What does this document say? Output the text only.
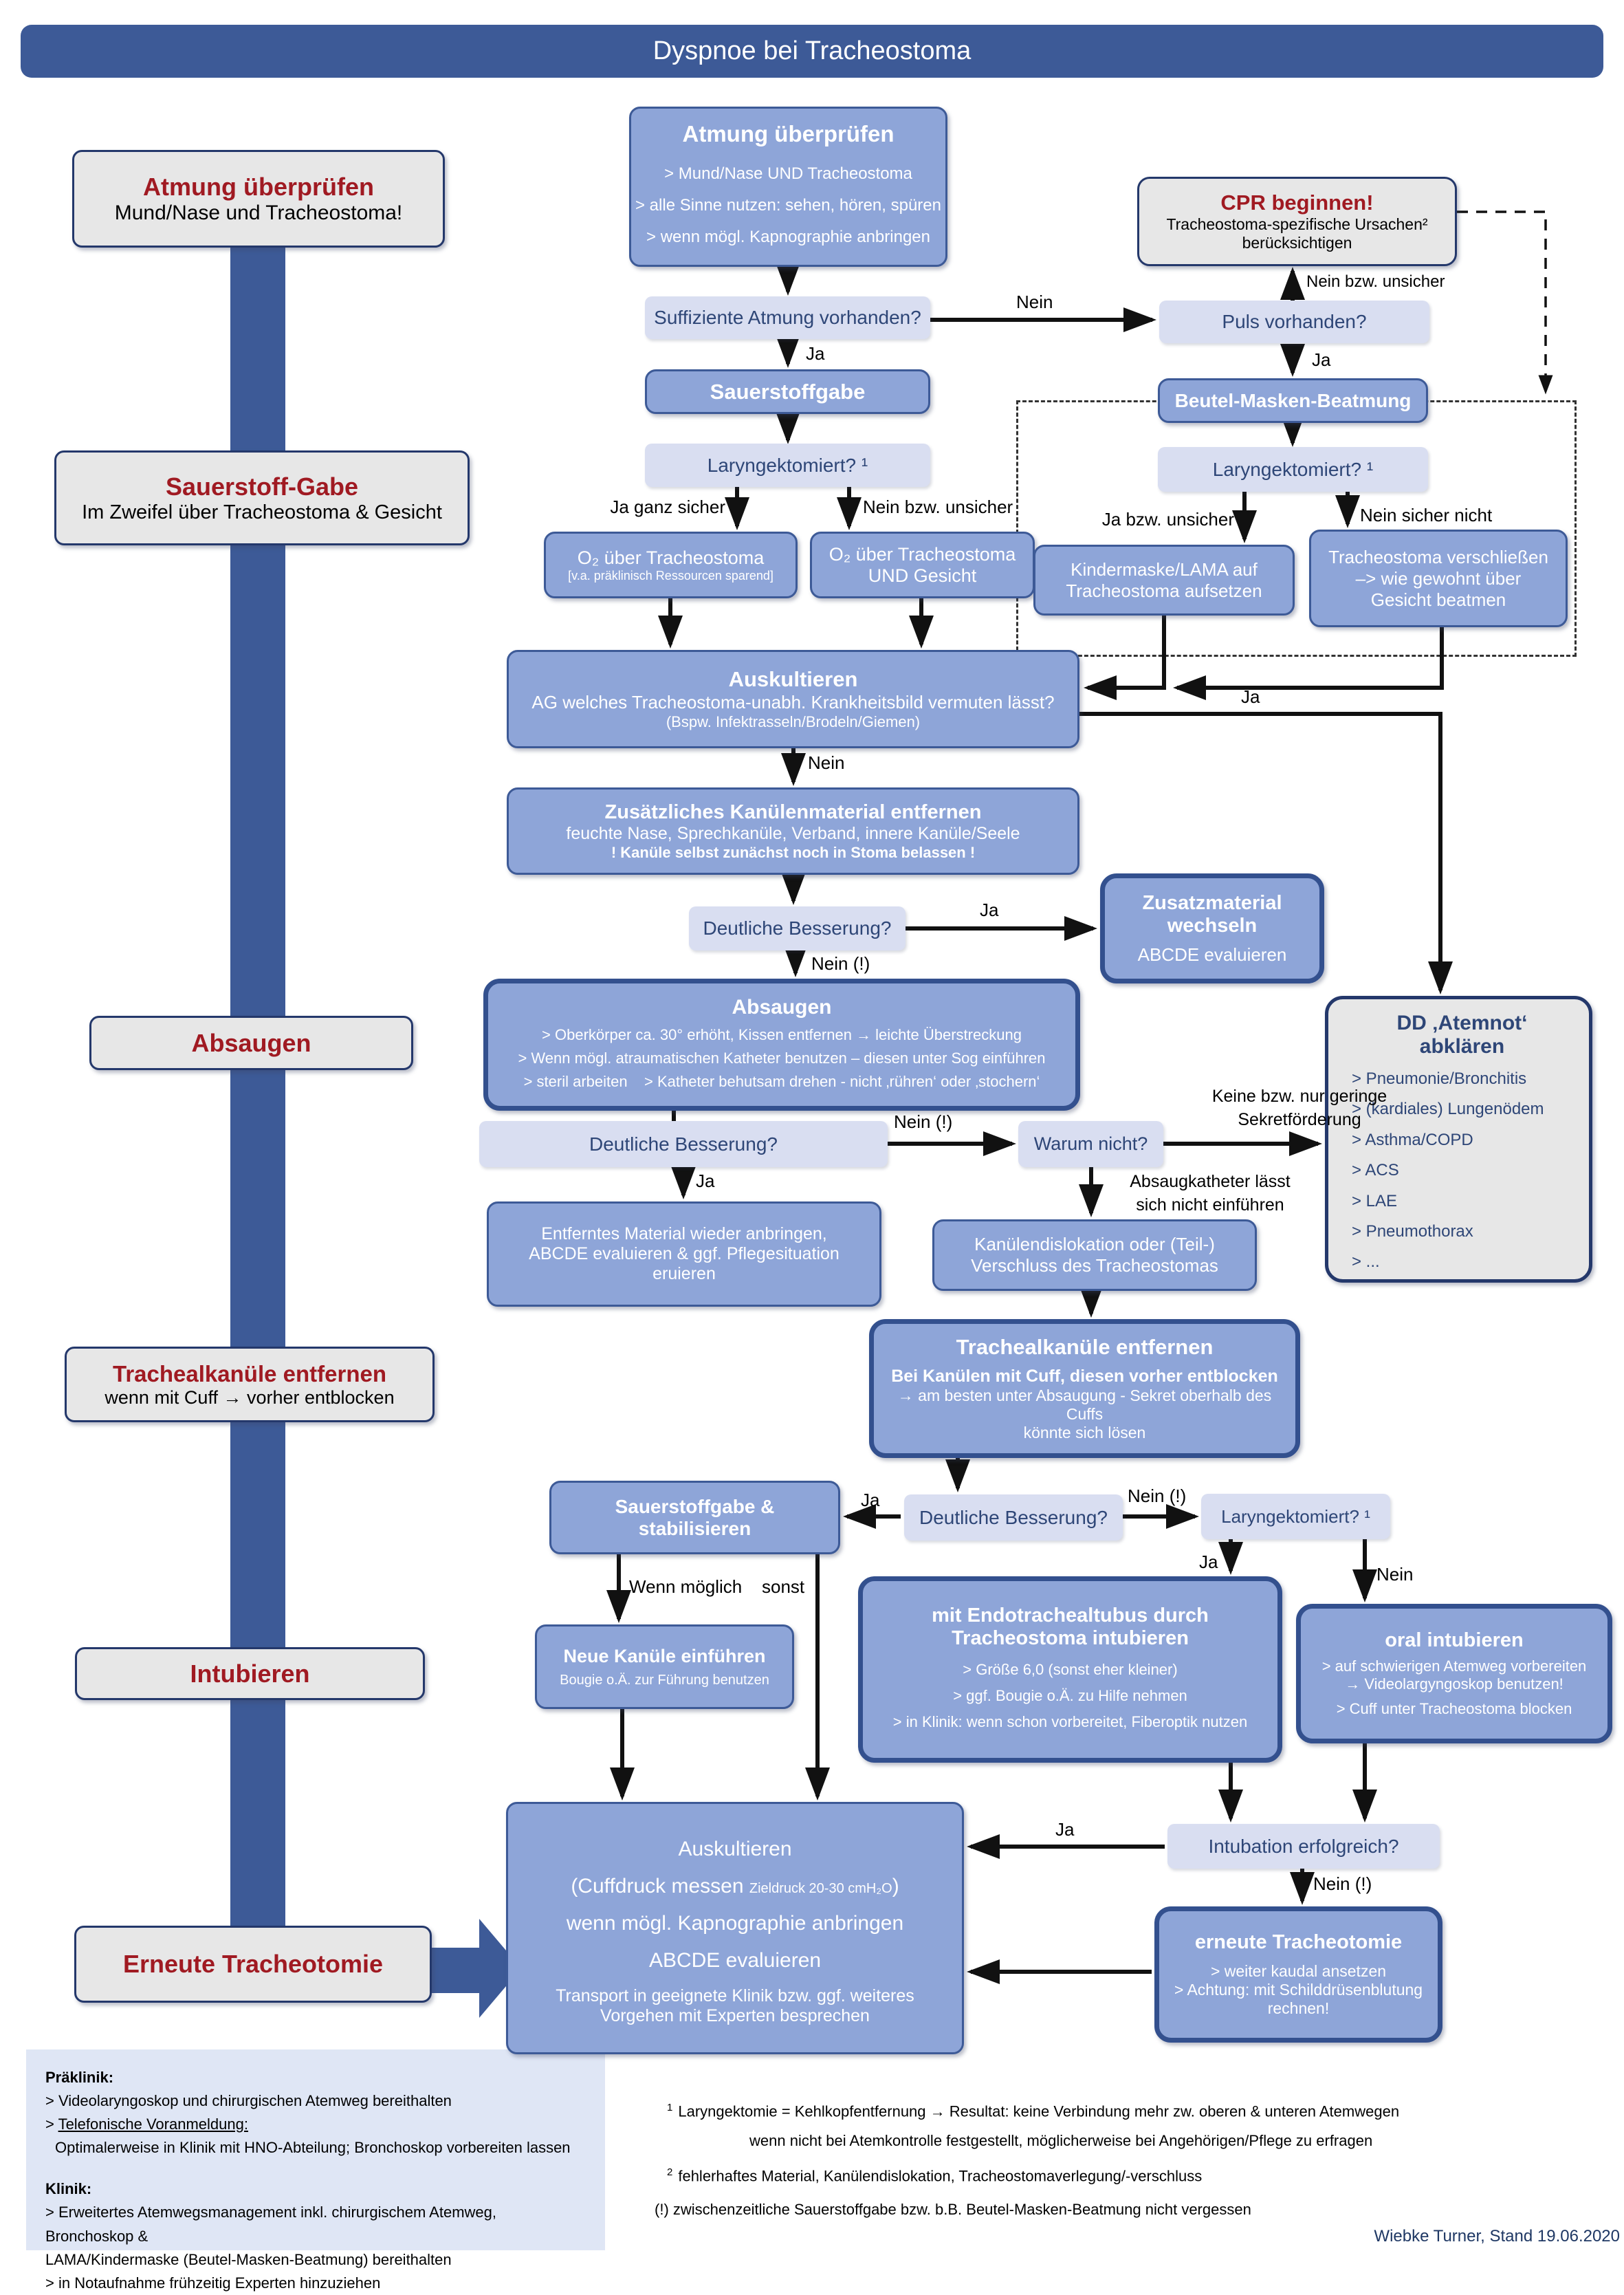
Präklinik:
> Videolaryngoskop und chirurgischen Atemweg bereithalten
> Telefonische Voranmeldung:
Optimalerweise in Klinik mit HNO-Abteilung; Bronchoskop vorbereiten lassen
Klinik:
> Erweitertes Atemwegsmanagement inkl. chirurgischem Atemweg, Bronchoskop &
LAMA/Kindermaske (Beutel-Masken-Beatmung) bereithalten
> in Notaufnahme frühzeitig Experten hinzuziehen
Dyspnoe bei Tracheostoma
Atmung überprüfen
Mund/Nase und Tracheostoma!
Sauerstoff-Gabe
Im Zweifel über Tracheostoma & Gesicht
Absaugen
Trachealkanüle entfernen
wenn mit Cuff → vorher entblocken
Intubieren
Erneute Tracheotomie
Atmung überprüfen
> Mund/Nase UND Tracheostoma
> alle Sinne nutzen: sehen, hören, spüren
> wenn mögl. Kapnographie anbringen
CPR beginnen!
Tracheostoma-spezifische Ursachen²
berücksichtigen
Suffiziente Atmung vorhanden?	Puls vorhanden?
Sauerstoffgabe	Beutel-Masken-Beatmung
Laryngektomiert? ¹	Laryngektomiert? ¹
O₂ über Tracheostoma
[v.a. präklinisch Ressourcen sparend]
O₂ über Tracheostoma
UND Gesicht	Kindermaske/LAMA auf
Tracheostoma aufsetzen
Tracheostoma verschließen
–> wie gewohnt über
Gesicht beatmen
Auskultieren
AG welches Tracheostoma-unabh. Krankheitsbild vermuten lässt?
(Bspw. Infektrasseln/Brodeln/Giemen)
Zusätzliches Kanülenmaterial entfernen
feuchte Nase, Sprechkanüle, Verband, innere Kanüle/Seele
! Kanüle selbst zunächst noch in Stoma belassen !
Deutliche Besserung?
Zusatzmaterial
wechseln
ABCDE evaluieren
Absaugen
> Oberkörper ca. 30° erhöht, Kissen entfernen → leichte Überstreckung
> Wenn mögl. atraumatischen Katheter benutzen – diesen unter Sog einführen
> steril arbeiten    > Katheter behutsam drehen - nicht ‚rühren‘ oder ‚stochern‘
Deutliche Besserung?	Warum nicht?
Entferntes Material wieder anbringen,
ABCDE evaluieren & ggf. Pflegesituation
eruieren
Kanülendislokation oder (Teil-)
Verschluss des Tracheostomas
DD ‚Atemnot‘ abklären
> Pneumonie/Bronchitis
> (kardiales) Lungenödem
> Asthma/COPD
> ACS
> LAE
> Pneumothorax
> ...
Trachealkanüle entfernen
Bei Kanülen mit Cuff, diesen vorher entblocken
→ am besten unter Absaugung - Sekret oberhalb des Cuffs
könnte sich lösen
Sauerstoffgabe &
stabilisieren
Deutliche Besserung?	Laryngektomiert? ¹
Neue Kanüle einführen
Bougie o.Ä. zur Führung benutzen
mit Endotrachealtubus durch
Tracheostoma intubieren
> Größe 6,0 (sonst eher kleiner)
> ggf. Bougie o.Ä. zu Hilfe nehmen
> in Klinik: wenn schon vorbereitet, Fiberoptik nutzen
oral intubieren
> auf schwierigen Atemweg vorbereiten
→ Videolargyngoskop benutzen!
> Cuff unter Tracheostoma blocken
Auskultieren
(Cuffdruck messen Zieldruck 20-30 cmH₂O)
wenn mögl. Kapnographie anbringen
ABCDE evaluieren
Transport in geeignete Klinik bzw. ggf. weiteres
Vorgehen mit Experten besprechen
Intubation erfolgreich?
erneute Tracheotomie
> weiter kaudal ansetzen
> Achtung: mit Schilddrüsenblutung
rechnen!
Nein
Ja
Nein bzw. unsicher
Ja
Ja ganz sicher	Nein bzw. unsicher
Ja bzw. unsicher	Nein sicher nicht
Ja
Nein
Ja
Nein (!)
Nein (!)
Keine bzw. nur geringe
Sekretförderung
Ja	Absaugkatheter lässt
sich nicht einführen
Ja	Nein (!)
Ja
Nein
Wenn möglich sonst
Ja
Nein (!)
$^1$ Laryngektomie = Kehlkopfentfernung → Resultat: keine Verbindung mehr zw. oberen & unteren Atemwegen
wenn nicht bei Atemkontrolle festgestellt, möglicherweise bei Angehörigen/Pflege zu erfragen
$^2$ fehlerhaftes Material, Kanülendislokation, Tracheostomaverlegung/-verschluss
(!) zwischenzeitliche Sauerstoffgabe bzw. b.B. Beutel-Masken-Beatmung nicht vergessen
Wiebke Turner, Stand 19.06.2020
